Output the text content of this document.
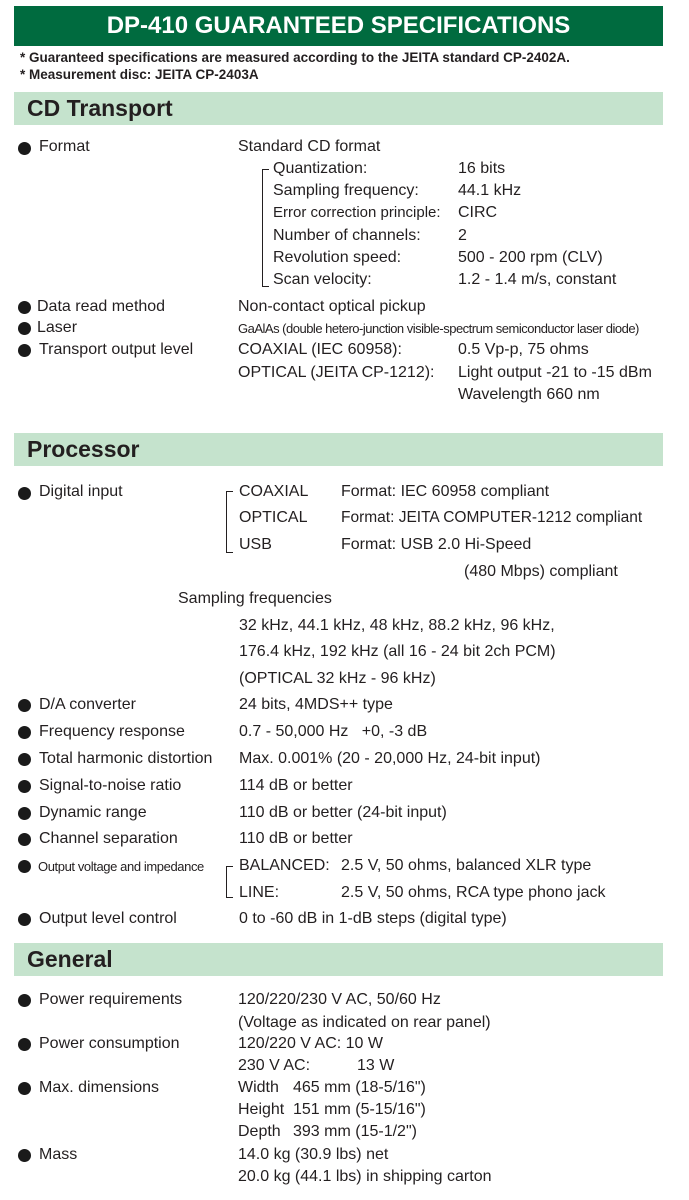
DP-410 GUARANTEED SPECIFICATIONS
* Guaranteed specifications are measured according to the JEITA standard CP-2402A.
* Measurement disc: JEITA CP-2403A
CD Transport
Format	Standard CD format
Quantization:	16 bits
Sampling frequency: 44.1 kHz
Error correction principle: CIRC
Number of channels: 2
Revolution speed:	500 - 200 rpm (CLV)
Scan velocity:	1.2 - 1.4 m/s, constant
Data read method	Non-contact optical pickup
Laser	GaAlAs (double hetero-junction visible-spectrum semiconductor laser diode)
Transport output level	COAXIAL (IEC 60958):	0.5 Vp-p, 75 ohms
OPTICAL (JEITA CP-1212): Light output -21 to -15 dBm
Wavelength 660 nm
Processor
Digital input	COAXIAL Format: IEC 60958 compliant
OPTICAL Format: JEITA COMPUTER-1212 compliant
USB	Format: USB 2.0 Hi-Speed
(480 Mbps) compliant
Sampling frequencies
32 kHz, 44.1 kHz, 48 kHz, 88.2 kHz, 96 kHz,
176.4 kHz, 192 kHz (all 16 - 24 bit 2ch PCM)
(OPTICAL 32 kHz - 96 kHz)
D/A converter	24 bits, 4MDS++ type
Frequency response	0.7 - 50,000 Hz   +0, -3 dB
Total harmonic distortion Max. 0.001% (20 - 20,000 Hz, 24-bit input)
Signal-to-noise ratio	114 dB or better
Dynamic range	110 dB or better (24-bit input)
Channel separation	110 dB or better
Output voltage and impedance BALANCED: 2.5 V, 50 ohms, balanced XLR type
LINE:	2.5 V, 50 ohms, RCA type phono jack
Output level control	0 to -60 dB in 1-dB steps (digital type)
General
Power requirements	120/220/230 V AC, 50/60 Hz
(Voltage as indicated on rear panel)
Power consumption	120/220 V AC: 10 W
230 V AC:	13 W
Max. dimensions	Width 465 mm (18-5/16")
Height 151 mm (5-15/16")
Depth 393 mm (15-1/2")
Mass	14.0 kg (30.9 lbs) net
20.0 kg (44.1 lbs) in shipping carton
